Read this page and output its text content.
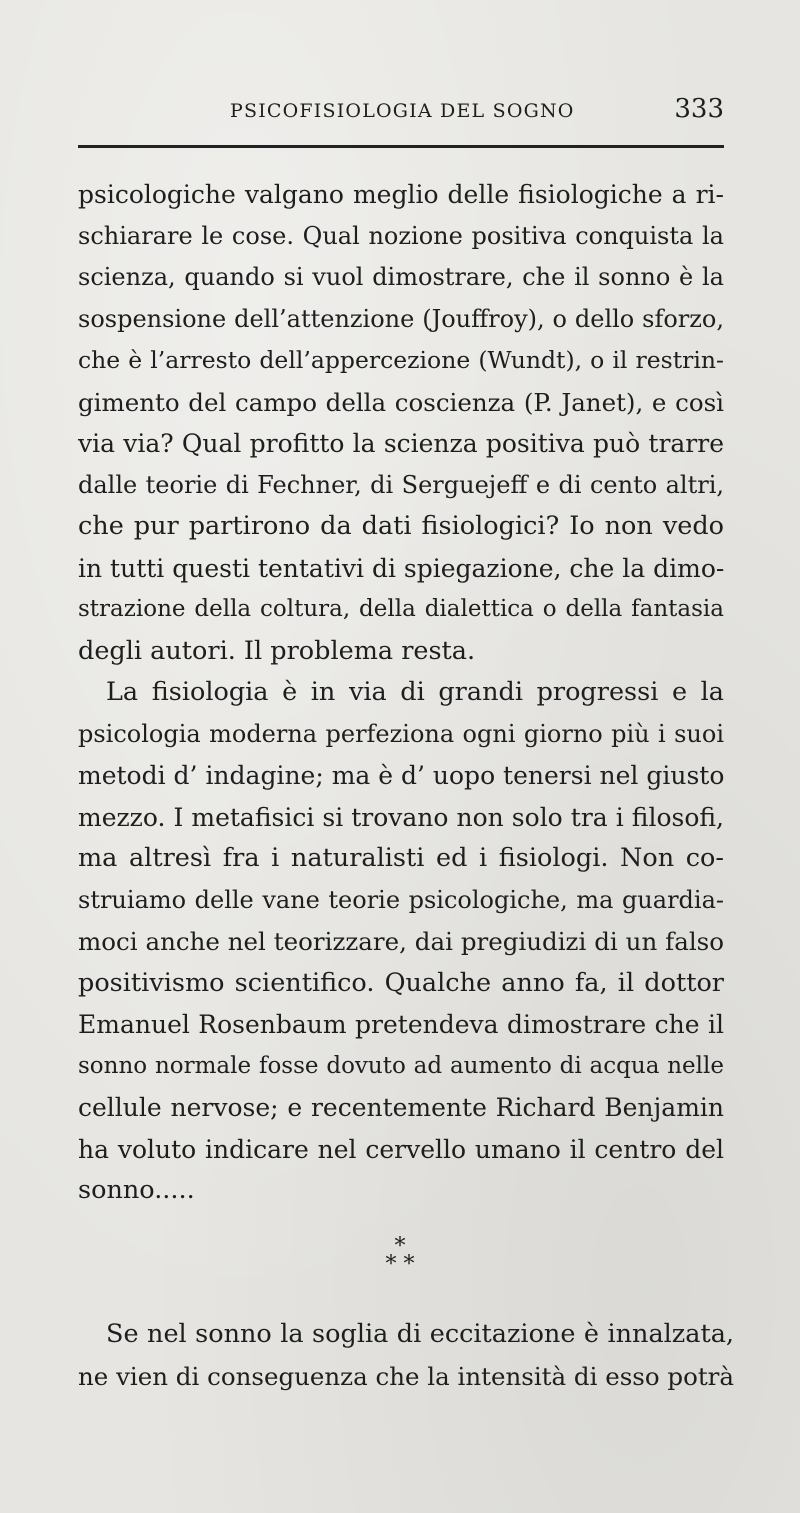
PSICOFISIOLOGIA DEL SOGNO	333
psicologiche valgano meglio delle fisiologiche a ri-
schiarare le cose. Qual nozione positiva conquista la
scienza, quando si vuol dimostrare, che il sonno è la
sospensione dell’attenzione (Jouffroy), o dello sforzo,
che è l’arresto dell’appercezione (Wundt), o il restrin-
gimento del campo della coscienza (P. Janet), e così
via via? Qual profitto la scienza positiva può trarre
dalle teorie di Fechner, di Serguejeff e di cento altri,
che pur partirono da dati fisiologici? Io non vedo
in tutti questi tentativi di spiegazione, che la dimo-
strazione della coltura, della dialettica o della fantasia
degli autori. Il problema resta.
La fisiologia è in via di grandi progressi e la
psicologia moderna perfeziona ogni giorno più i suoi
metodi d’ indagine; ma è d’ uopo tenersi nel giusto
mezzo. I metafisici si trovano non solo tra i filosofi,
ma altresì fra i naturalisti ed i fisiologi. Non co-
struiamo delle vane teorie psicologiche, ma guardia-
moci anche nel teorizzare, dai pregiudizi di un falso
positivismo scientifico. Qualche anno fa, il dottor
Emanuel Rosenbaum pretendeva dimostrare che il
sonno normale fosse dovuto ad aumento di acqua nelle
cellule nervose; e recentemente Richard Benjamin
ha voluto indicare nel cervello umano il centro del
sonno.....
*
* *
Se nel sonno la soglia di eccitazione è innalzata,
ne vien di conseguenza che la intensità di esso potrà
